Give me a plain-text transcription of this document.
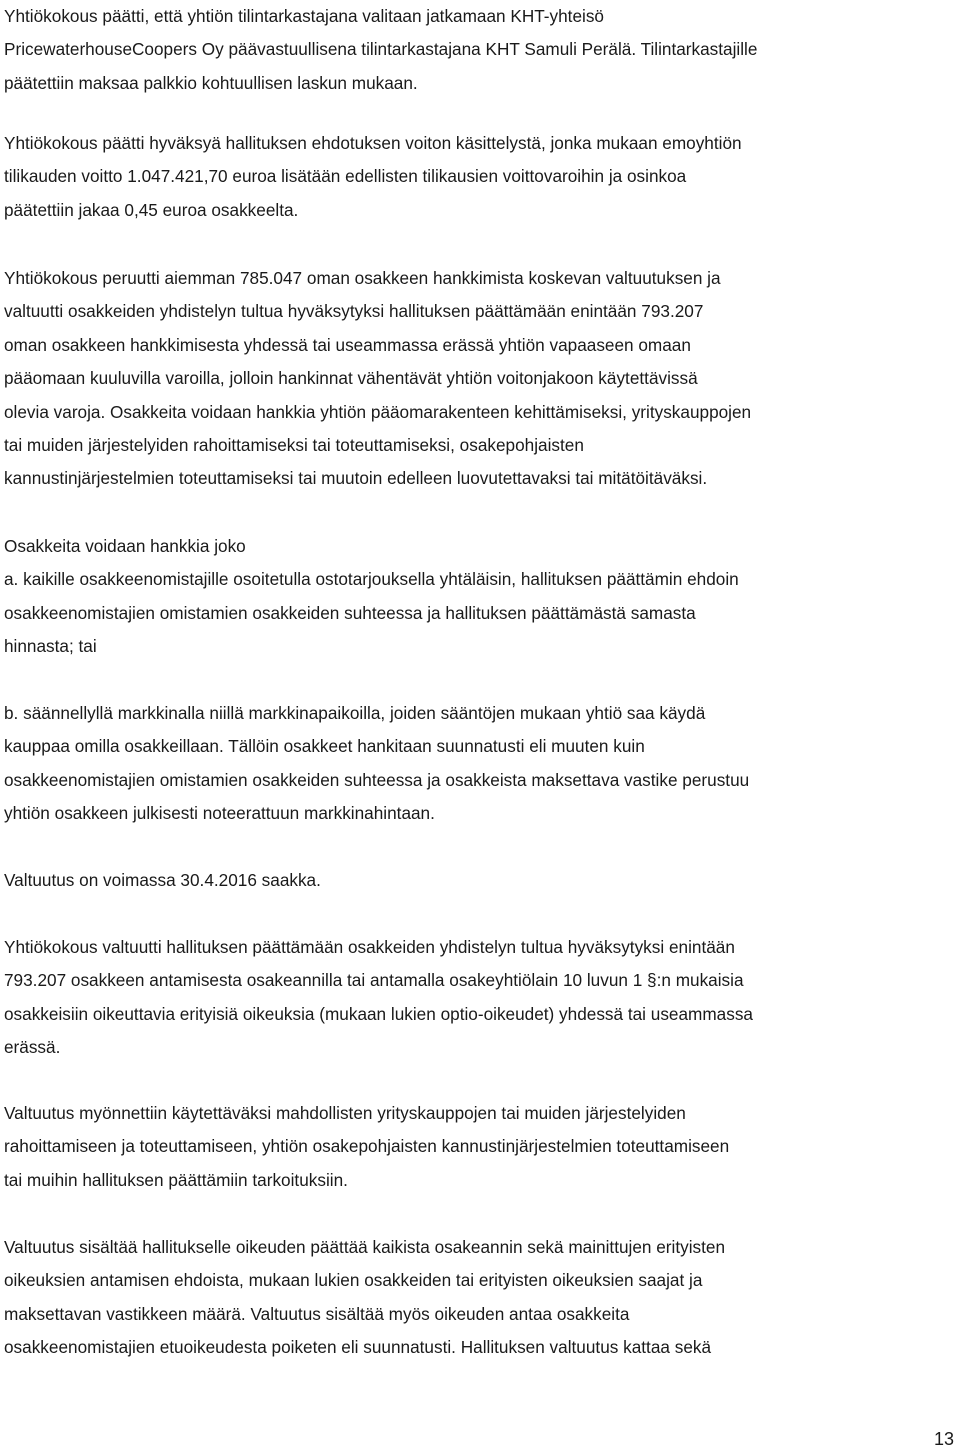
Yhtiökokous päätti, että yhtiön tilintarkastajana valitaan jatkamaan KHT-yhteisö
PricewaterhouseCoopers Oy päävastuullisena tilintarkastajana KHT Samuli Perälä. Tilintarkastajille
päätettiin maksaa palkkio kohtuullisen laskun mukaan.
Yhtiökokous päätti hyväksyä hallituksen ehdotuksen voiton käsittelystä, jonka mukaan emoyhtiön
tilikauden voitto 1.047.421,70 euroa lisätään edellisten tilikausien voittovaroihin ja osinkoa
päätettiin jakaa 0,45 euroa osakkeelta.
Yhtiökokous peruutti aiemman 785.047 oman osakkeen hankkimista koskevan valtuutuksen ja
valtuutti osakkeiden yhdistelyn tultua hyväksytyksi hallituksen päättämään enintään 793.207
oman osakkeen hankkimisesta yhdessä tai useammassa erässä yhtiön vapaaseen omaan
pääomaan kuuluvilla varoilla, jolloin hankinnat vähentävät yhtiön voitonjakoon käytettävissä
olevia varoja. Osakkeita voidaan hankkia yhtiön pääomarakenteen kehittämiseksi, yrityskauppojen
tai muiden järjestelyiden rahoittamiseksi tai toteuttamiseksi, osakepohjaisten
kannustinjärjestelmien toteuttamiseksi tai muutoin edelleen luovutettavaksi tai mitätöitäväksi.
Osakkeita voidaan hankkia joko
a. kaikille osakkeenomistajille osoitetulla ostotarjouksella yhtäläisin, hallituksen päättämin ehdoin
osakkeenomistajien omistamien osakkeiden suhteessa ja hallituksen päättämästä samasta
hinnasta; tai
b. säännellyllä markkinalla niillä markkinapaikoilla, joiden sääntöjen mukaan yhtiö saa käydä
kauppaa omilla osakkeillaan. Tällöin osakkeet hankitaan suunnatusti eli muuten kuin
osakkeenomistajien omistamien osakkeiden suhteessa ja osakkeista maksettava vastike perustuu
yhtiön osakkeen julkisesti noteerattuun markkinahintaan.
Valtuutus on voimassa 30.4.2016 saakka.
Yhtiökokous valtuutti hallituksen päättämään osakkeiden yhdistelyn tultua hyväksytyksi enintään
793.207 osakkeen antamisesta osakeannilla tai antamalla osakeyhtiölain 10 luvun 1 §:n mukaisia
osakkeisiin oikeuttavia erityisiä oikeuksia (mukaan lukien optio-oikeudet) yhdessä tai useammassa
erässä.
Valtuutus myönnettiin käytettäväksi mahdollisten yrityskauppojen tai muiden järjestelyiden
rahoittamiseen ja toteuttamiseen, yhtiön osakepohjaisten kannustinjärjestelmien toteuttamiseen
tai muihin hallituksen päättämiin tarkoituksiin.
Valtuutus sisältää hallitukselle oikeuden päättää kaikista osakeannin sekä mainittujen erityisten
oikeuksien antamisen ehdoista, mukaan lukien osakkeiden tai erityisten oikeuksien saajat ja
maksettavan vastikkeen määrä. Valtuutus sisältää myös oikeuden antaa osakkeita
osakkeenomistajien etuoikeudesta poiketen eli suunnatusti. Hallituksen valtuutus kattaa sekä
13
